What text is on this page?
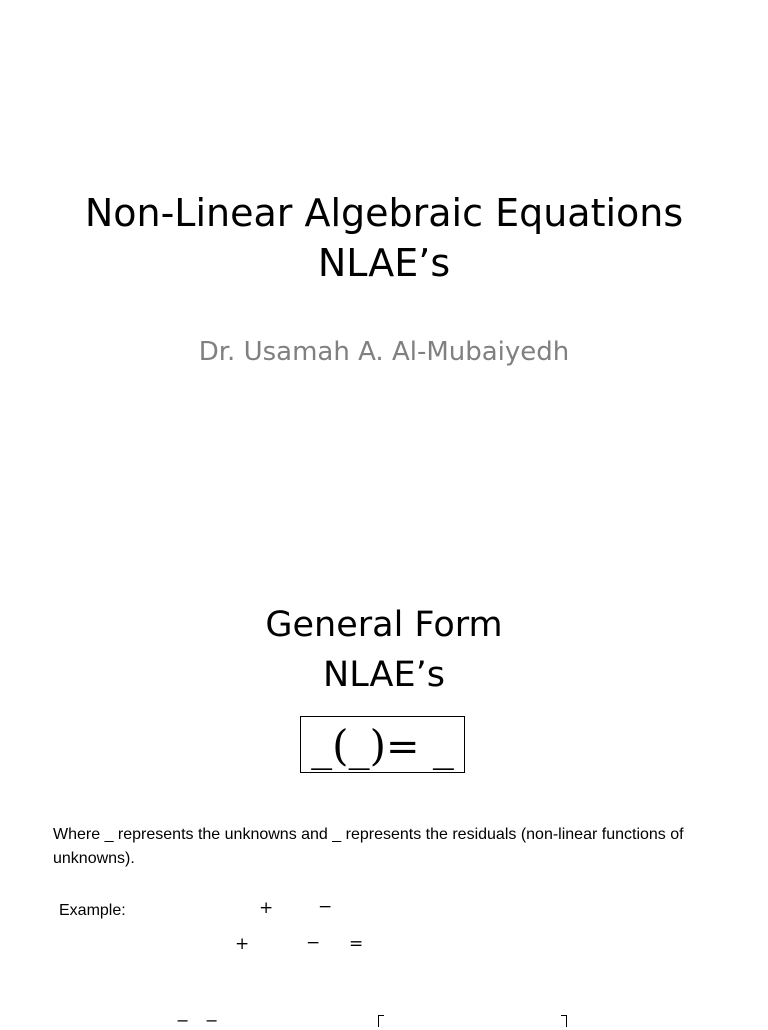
Non-Linear Algebraic Equations
NLAE’s
Dr. Usamah A. Al-Mubaiyedh
General Form
NLAE’s
_(_)= _
Where _ represents the unknowns and _ represents the residuals (non-linear functions of unknowns).
Example:	+	−
+	− =
− −
